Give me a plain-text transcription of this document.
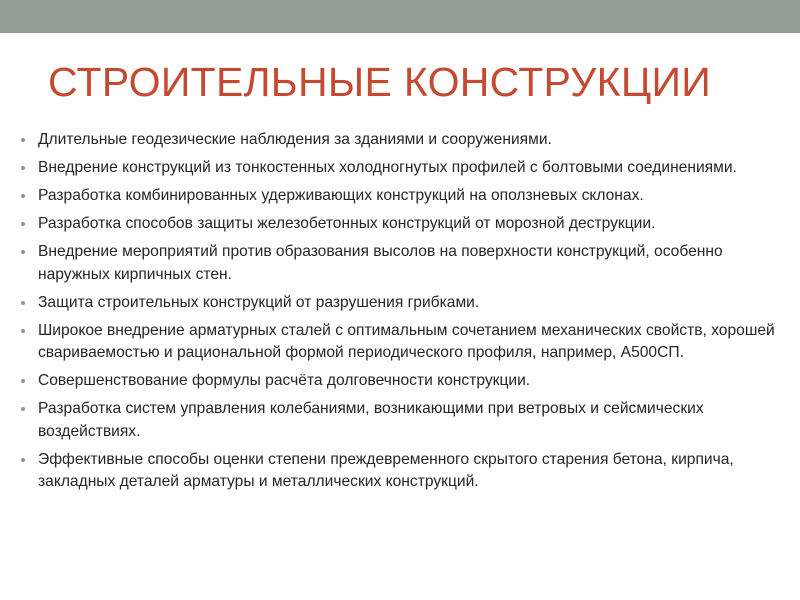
СТРОИТЕЛЬНЫЕ КОНСТРУКЦИИ
Длительные геодезические наблюдения за зданиями и сооружениями.
Внедрение конструкций из тонкостенных холодногнутых профилей с болтовыми соединениями.
Разработка комбинированных удерживающих конструкций на оползневых склонах.
Разработка способов защиты железобетонных конструкций от морозной деструкции.
Внедрение мероприятий против образования высолов на поверхности конструкций, особенно наружных кирпичных стен.
Защита строительных конструкций от разрушения грибками.
Широкое внедрение арматурных сталей с оптимальным сочетанием механических свойств, хорошей свариваемостью и рациональной формой периодического профиля, например, А500СП.
Совершенствование формулы расчёта долговечности конструкции.
Разработка систем управления колебаниями, возникающими при ветровых и сейсмических воздействиях.
Эффективные способы оценки степени преждевременного скрытого старения бетона, кирпича, закладных деталей арматуры и металлических конструкций.
